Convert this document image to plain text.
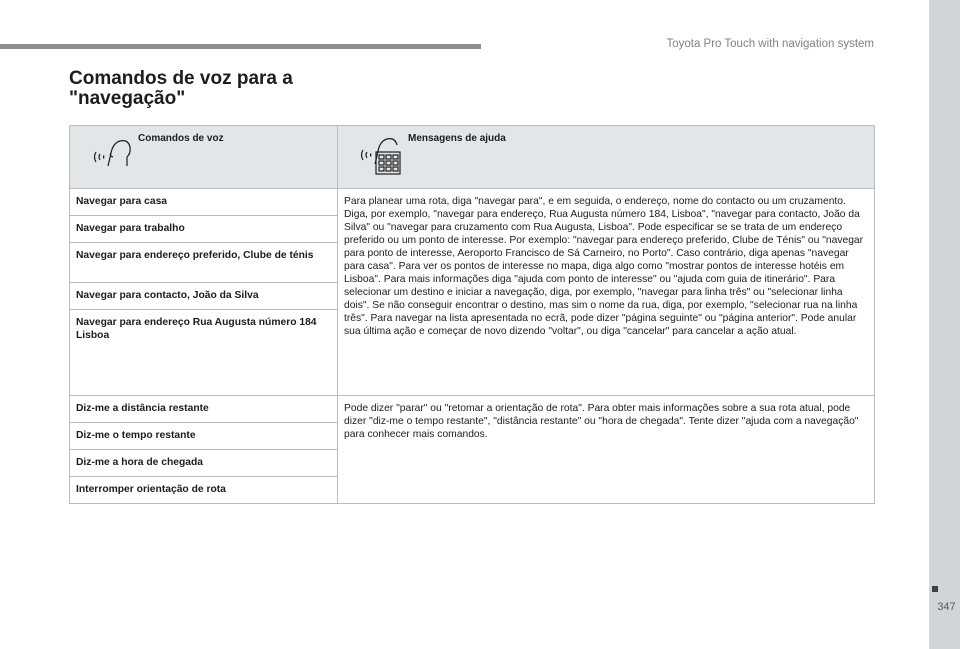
Toyota Pro Touch with navigation system
347
Comandos de voz para a
"navegação"
Comandos de voz	Mensagens de ajuda

Navegar para casa	Para planear uma rota, diga "navegar para", e em seguida, o endereço, nome do contacto ou um cruzamento. Diga, por exemplo, "navegar para endereço, Rua Augusta número 184, Lisboa", "navegar para contacto, João da Silva" ou "navegar para cruzamento com Rua Augusta, Lisboa". Pode especificar se se trata de um endereço preferido ou um ponto de interesse. Por exemplo: "navegar para endereço preferido, Clube de Ténis" ou "navegar para ponto de interesse, Aeroporto Francisco de Sá Carneiro, no Porto". Caso contrário, diga apenas "navegar para casa". Para ver os pontos de interesse no mapa, diga algo como "mostrar pontos de interesse hotéis em Lisboa". Para mais informações diga "ajuda com ponto de interesse" ou "ajuda com guia de itinerário". Para selecionar um destino e iniciar a navegação, diga, por exemplo, "navegar para linha três" ou "selecionar linha dois". Se não conseguir encontrar o destino, mas sim o nome da rua, diga, por exemplo, "selecionar rua na linha três". Para navegar na lista apresentada no ecrã, pode dizer "página seguinte" ou "página anterior". Pode anular sua última ação e começar de novo dizendo "voltar", ou diga "cancelar" para cancelar a ação atual.
Navegar para trabalho	
Navegar para endereço preferido, Clube de ténis	
Navegar para contacto, João da Silva	
Navegar para endereço Rua Augusta número 184 Lisboa	
Diz-me a distância restante	Pode dizer "parar" ou "retomar a orientação de rota". Para obter mais informações sobre a sua rota atual, pode dizer "diz-me o tempo restante", "distância restante" ou "hora de chegada". Tente dizer "ajuda com a navegação" para conhecer mais comandos.
Diz-me o tempo restante	
Diz-me a hora de chegada	
Interromper orientação de rota	
